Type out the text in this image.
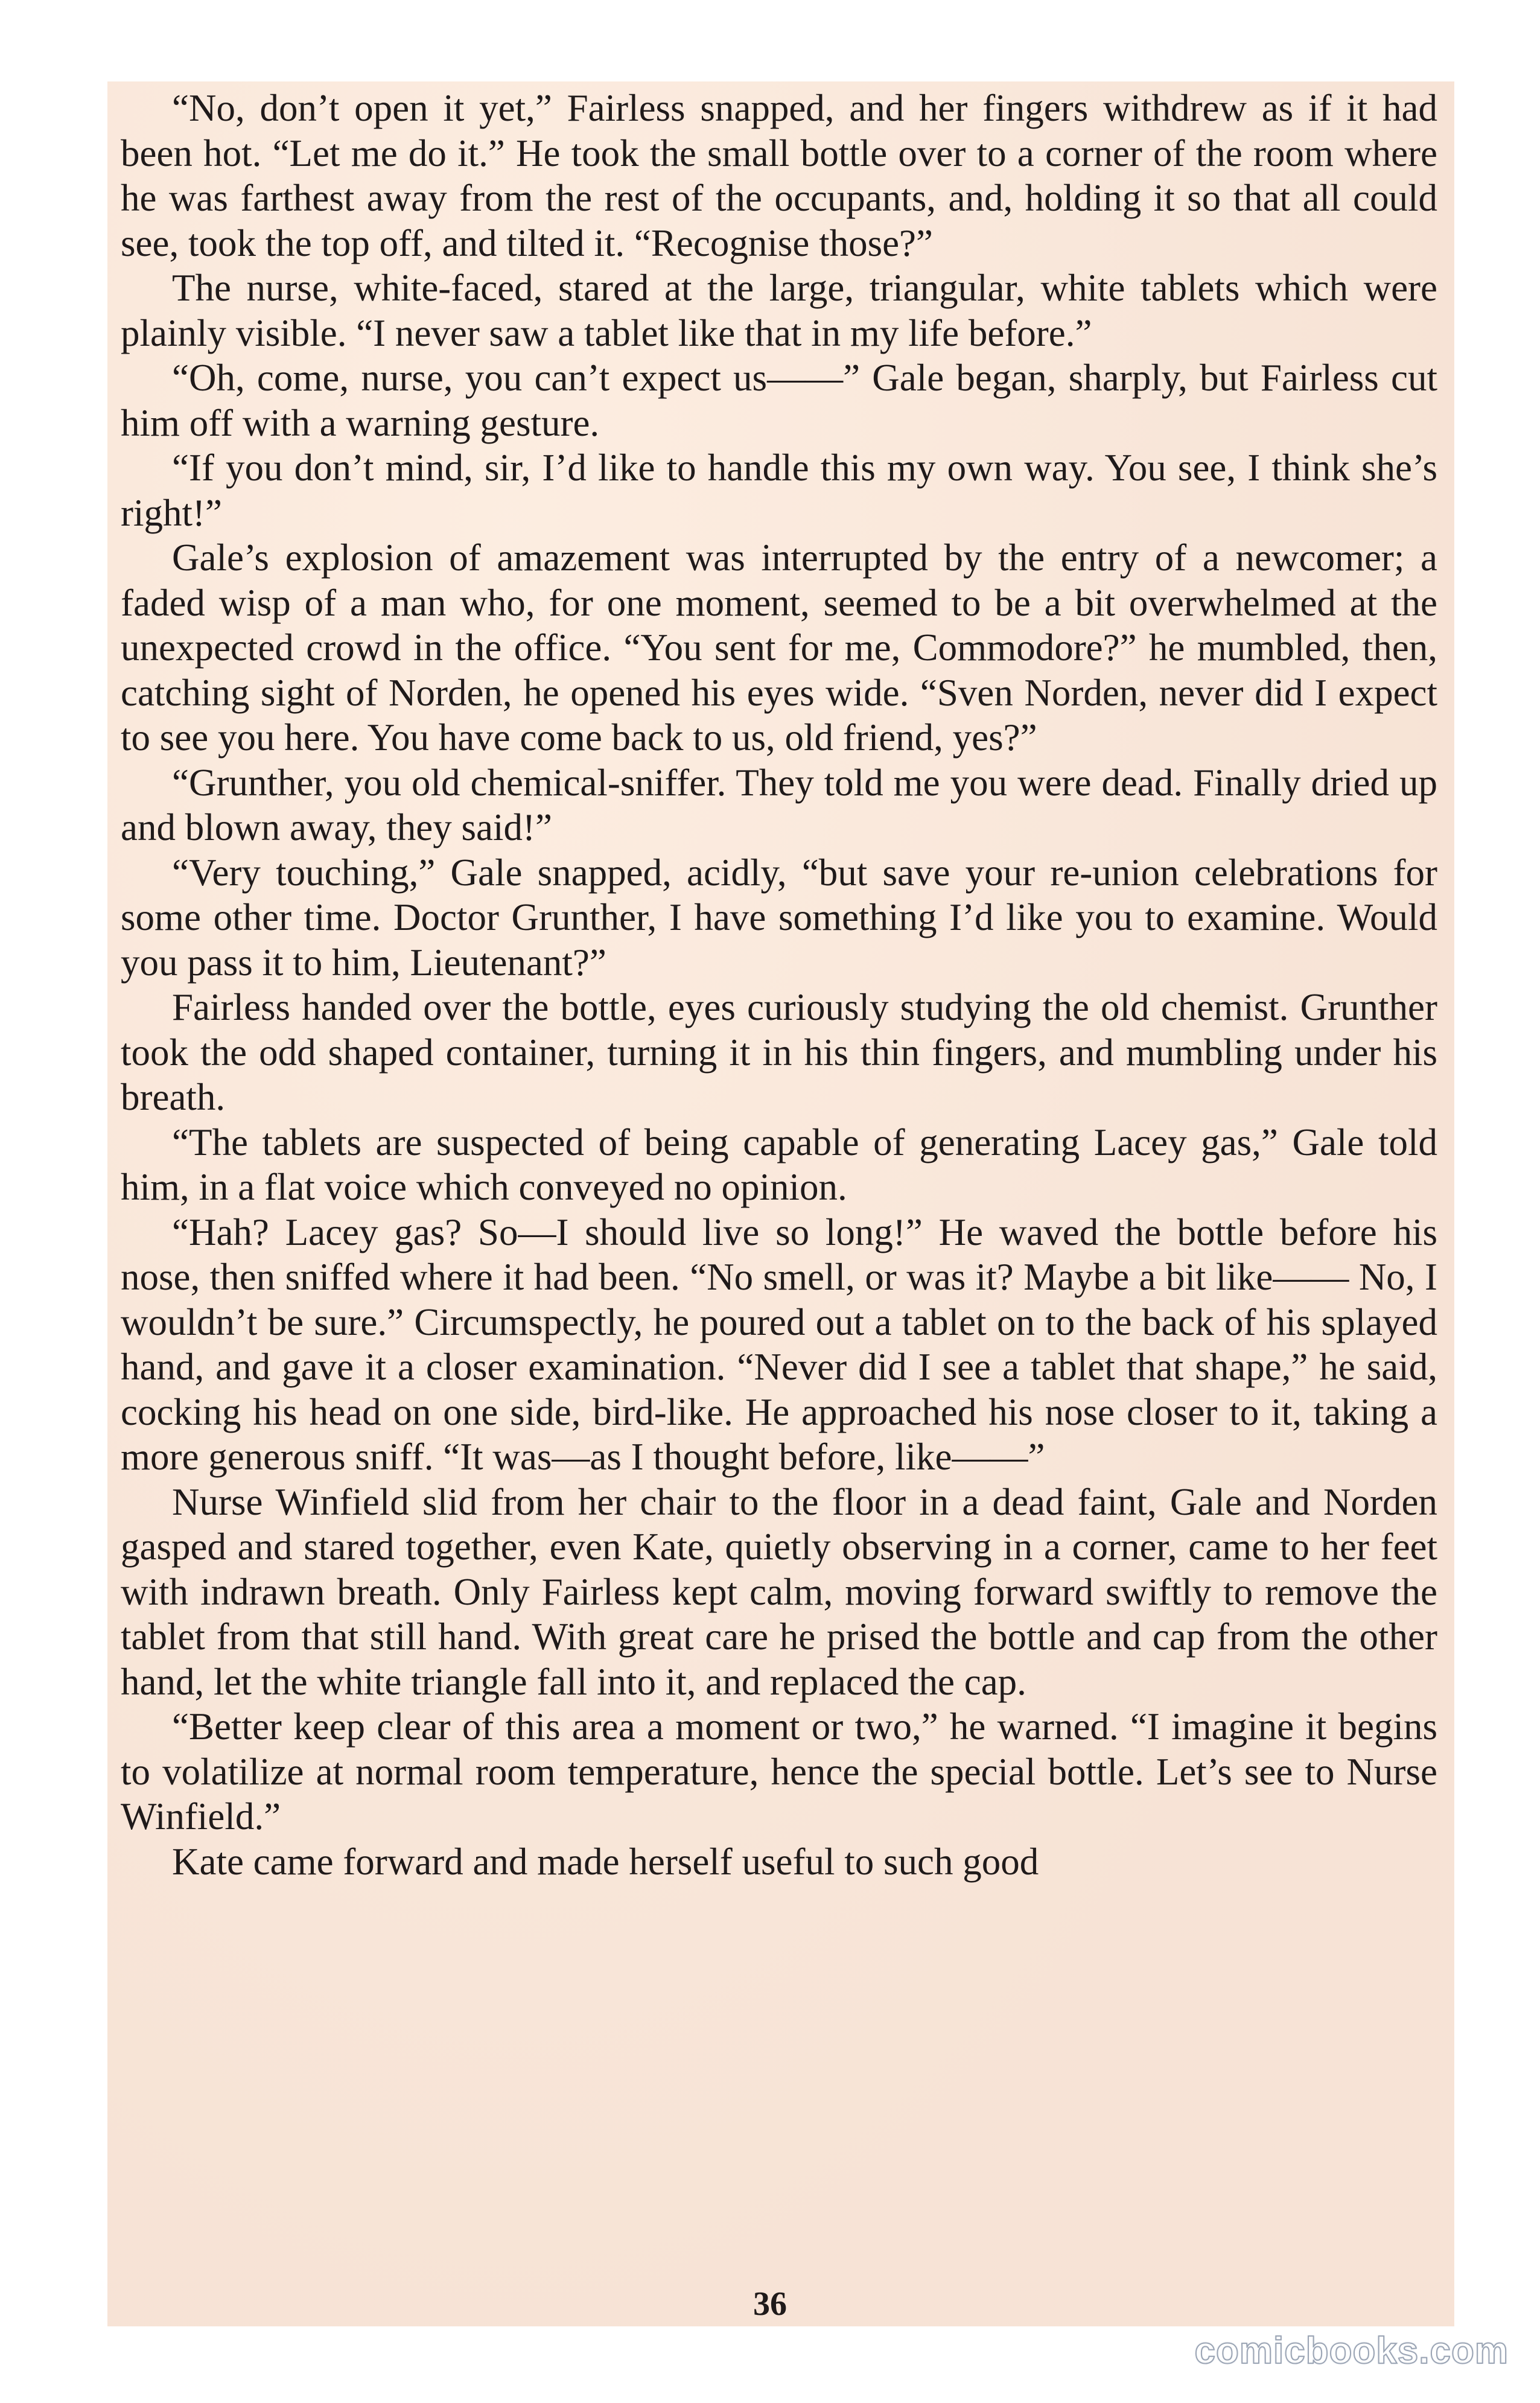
“No, don’t open it yet,” Fairless snapped, and her fingers withdrew as if it had been hot. “Let me do it.” He took the small bottle over to a corner of the room where he was farthest away from the rest of the occupants, and, holding it so that all could see, took the top off, and tilted it. “Recognise those?”

The nurse, white-faced, stared at the large, triangular, white tablets which were plainly visible. “I never saw a tablet like that in my life before.”

“Oh, come, nurse, you can’t expect us——” Gale began, sharply, but Fairless cut him off with a warning gesture.

“If you don’t mind, sir, I’d like to handle this my own way. You see, I think she’s right!”

Gale’s explosion of amazement was interrupted by the entry of a newcomer; a faded wisp of a man who, for one moment, seemed to be a bit overwhelmed at the unexpected crowd in the office. “You sent for me, Commodore?” he mumbled, then, catching sight of Norden, he opened his eyes wide. “Sven Norden, never did I expect to see you here. You have come back to us, old friend, yes?”

“Grunther, you old chemical-sniffer. They told me you were dead. Finally dried up and blown away, they said!”

“Very touching,” Gale snapped, acidly, “but save your re-union celebrations for some other time. Doctor Grunther, I have something I’d like you to examine. Would you pass it to him, Lieutenant?”

Fairless handed over the bottle, eyes curiously studying the old chemist. Grunther took the odd shaped container, turning it in his thin fingers, and mumbling under his breath.

“The tablets are suspected of being capable of generating Lacey gas,” Gale told him, in a flat voice which conveyed no opinion.

“Hah? Lacey gas? So—I should live so long!” He waved the bottle before his nose, then sniffed where it had been. “No smell, or was it? Maybe a bit like—— No, I wouldn’t be sure.” Circumspectly, he poured out a tablet on to the back of his splayed hand, and gave it a closer examination. “Never did I see a tablet that shape,” he said, cocking his head on one side, bird-like. He approached his nose closer to it, taking a more generous sniff. “It was—as I thought before, like——”

Nurse Winfield slid from her chair to the floor in a dead faint, Gale and Norden gasped and stared together, even Kate, quietly observing in a corner, came to her feet with indrawn breath. Only Fairless kept calm, moving forward swiftly to remove the tablet from that still hand. With great care he prised the bottle and cap from the other hand, let the white triangle fall into it, and replaced the cap.

“Better keep clear of this area a moment or two,” he warned. “I imagine it begins to volatilize at normal room temperature, hence the special bottle. Let’s see to Nurse Winfield.”

Kate came forward and made herself useful to such good

36
comicbooks.com
